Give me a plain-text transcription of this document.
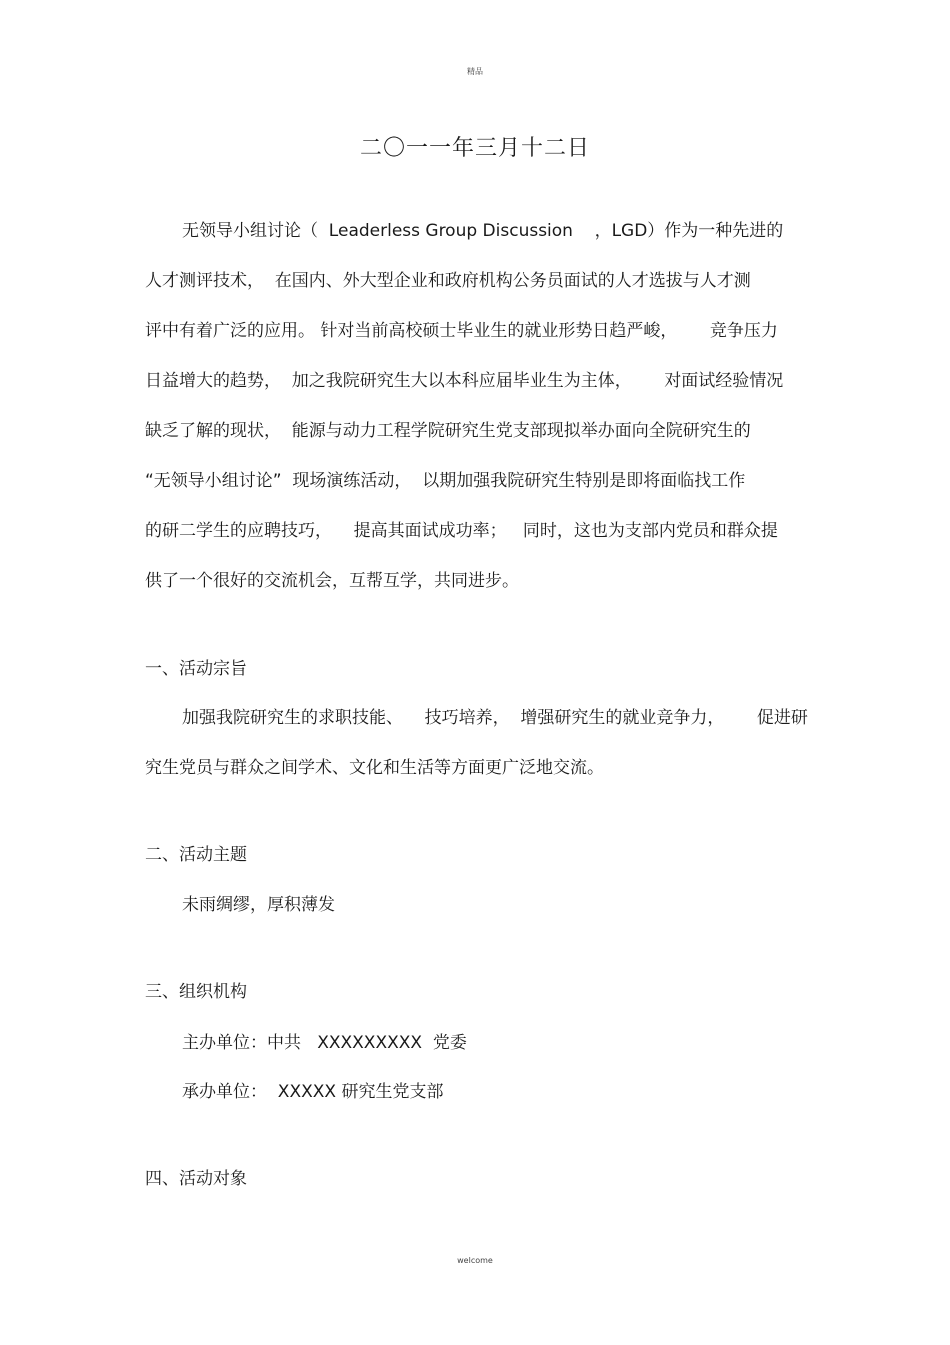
精品
二〇一一年三月十二日
无领导小组讨论（  Leaderless Group Discussion    ，LGD）作为一种先进的
人才测评技术，  在国内、外大型企业和政府机构公务员面试的人才选拔与人才测
评中有着广泛的应用。 针对当前高校硕士毕业生的就业形势日趋严峻，      竞争压力
日益增大的趋势，  加之我院研究生大以本科应届毕业生为主体，      对面试经验情况
缺乏了解的现状，  能源与动力工程学院研究生党支部现拟举办面向全院研究生的
“无领导小组讨论”  现场演练活动，  以期加强我院研究生特别是即将面临找工作
的研二学生的应聘技巧，    提高其面试成功率；   同时，这也为支部内党员和群众提
供了一个很好的交流机会，互帮互学，共同进步。
一、活动宗旨
加强我院研究生的求职技能、    技巧培养，  增强研究生的就业竞争力，      促进研
究生党员与群众之间学术、文化和生活等方面更广泛地交流。
二、活动主题
未雨绸缪，厚积薄发
三、组织机构
主办单位：中共   XXXXXXXXX  党委
承办单位：  XXXXX 研究生党支部
四、活动对象
welcome
